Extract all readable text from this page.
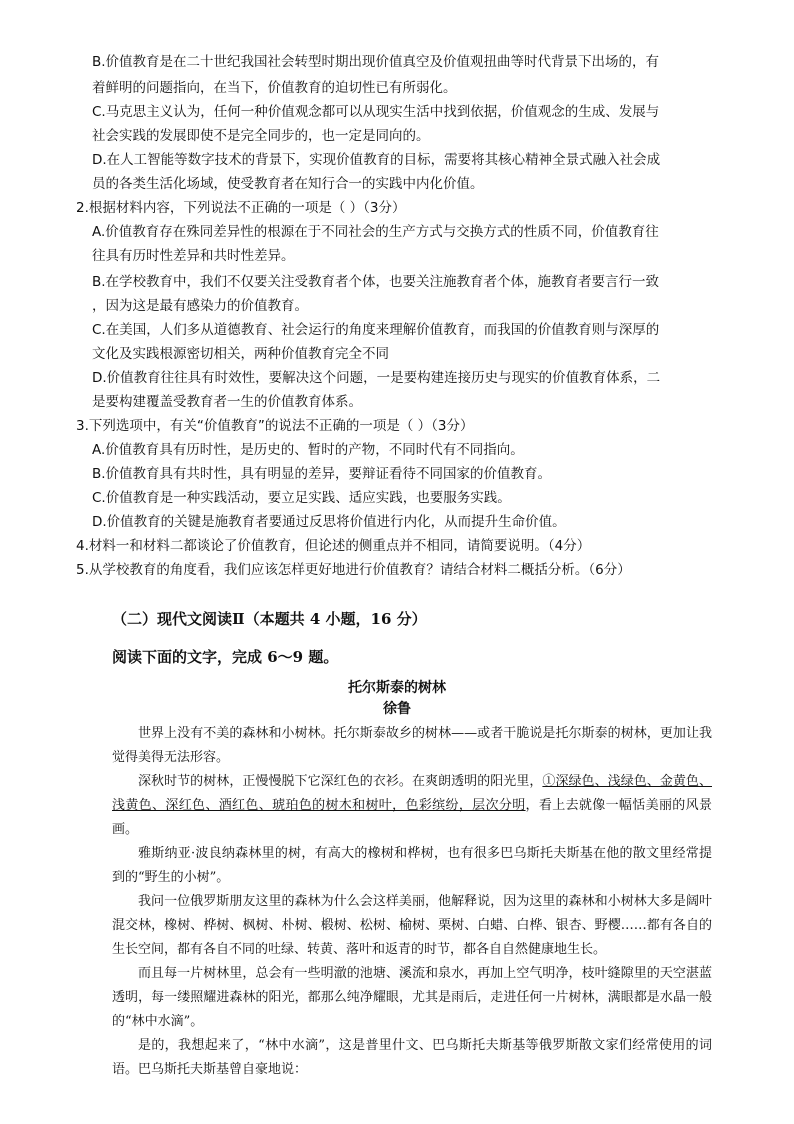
B.价值教育是在二十世纪我国社会转型时期出现价值真空及价值观扭曲等时代背景下出场的，有
着鲜明的问题指向，在当下，价值教育的迫切性已有所弱化。
C.马克思主义认为，任何一种价值观念都可以从现实生活中找到依据，价值观念的生成、发展与
社会实践的发展即使不是完全同步的，也一定是同向的。
D.在人工智能等数字技术的背景下，实现价值教育的目标，需要将其核心精神全景式融入社会成
员的各类生活化场域，使受教育者在知行合一的实践中内化价值。
2.根据材料内容，下列说法不正确的一项是（ ）（3分）
A.价值教育存在殊同差异性的根源在于不同社会的生产方式与交换方式的性质不同，价值教育往
往具有历时性差异和共时性差异。
B.在学校教育中，我们不仅要关注受教育者个体，也要关注施教育者个体，施教育者要言行一致
，因为这是最有感染力的价值教育。
C.在美国，人们多从道德教育、社会运行的角度来理解价值教育，而我国的价值教育则与深厚的
文化及实践根源密切相关，两种价值教育完全不同
D.价值教育往往具有时效性，要解决这个问题，一是要构建连接历史与现实的价值教育体系，二
是要构建覆盖受教育者一生的价值教育体系。
3.下列选项中，有关“价值教育”的说法不正确的一项是（ ）（3分）
A.价值教育具有历时性，是历史的、暂时的产物，不同时代有不同指向。
B.价值教育具有共时性，具有明显的差异，要辩证看待不同国家的价值教育。
C.价值教育是一种实践活动，要立足实践、适应实践，也要服务实践。
D.价值教育的关键是施教育者要通过反思将价值进行内化，从而提升生命价值。
4.材料一和材料二都谈论了价值教育，但论述的侧重点并不相同，请简要说明。（4分）
5.从学校教育的角度看，我们应该怎样更好地进行价值教育？请结合材料二概括分析。（6分）
（二）现代文阅读Ⅱ（本题共 4 小题，16 分）
阅读下面的文字，完成 6～9 题。
托尔斯泰的树林
徐鲁
世界上没有不美的森林和小树林。托尔斯泰故乡的树林——或者干脆说是托尔斯泰的树林，更加让我觉得美得无法形容。
深秋时节的树林，正慢慢脱下它深红色的衣衫。在爽朗透明的阳光里，①深绿色、浅绿色、金黄色、浅黄色、深红色、酒红色、琥珀色的树木和树叶，色彩缤纷，层次分明，看上去就像一幅恬美丽的风景画。
雅斯纳亚·波良纳森林里的树，有高大的橡树和桦树，也有很多巴乌斯托夫斯基在他的散文里经常提到的“野生的小树”。
我问一位俄罗斯朋友这里的森林为什么会这样美丽，他解释说，因为这里的森林和小树林大多是阔叶混交林，橡树、桦树、枫树、朴树、椴树、松树、榆树、栗树、白蜡、白桦、银杏、野樱……都有各自的生长空间，都有各自不同的吐绿、转黄、落叶和返青的时节，都各自自然健康地生长。
而且每一片树林里，总会有一些明澈的池塘、溪流和泉水，再加上空气明净，枝叶缝隙里的天空湛蓝透明，每一缕照耀进森林的阳光，都那么纯净耀眼，尤其是雨后，走进任何一片树林，满眼都是水晶一般的“林中水滴”。
是的，我想起来了，“林中水滴”，这是普里什文、巴乌斯托夫斯基等俄罗斯散文家们经常使用的词语。巴乌斯托夫斯基曾自豪地说：
